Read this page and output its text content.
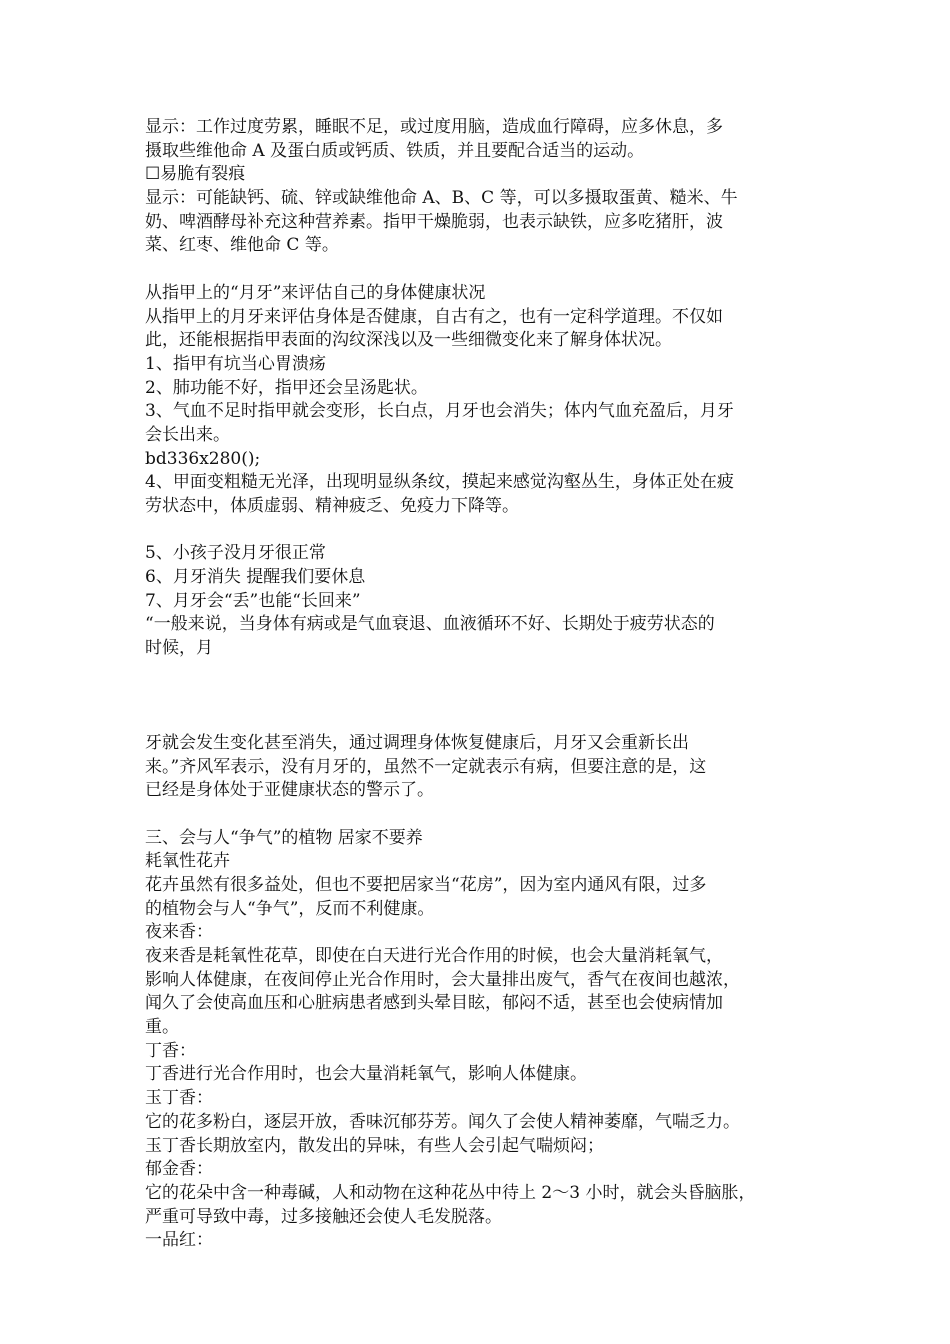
显示：工作过度劳累，睡眠不足，或过度用脑，造成血行障碍，应多休息，多
摄取些维他命 A 及蛋白质或钙质、铁质，并且要配合适当的运动。
☐易脆有裂痕
显示：可能缺钙、硫、锌或缺维他命 A、B、C 等，可以多摄取蛋黄、糙米、牛
奶、啤酒酵母补充这种营养素。指甲干燥脆弱，也表示缺铁，应多吃猪肝，波
菜、红枣、维他命 C 等。
从指甲上的“月牙”来评估自己的身体健康状况
从指甲上的月牙来评估身体是否健康，自古有之，也有一定科学道理。不仅如
此，还能根据指甲表面的沟纹深浅以及一些细微变化来了解身体状况。
1、指甲有坑当心胃溃疡
2、肺功能不好，指甲还会呈汤匙状。
3、气血不足时指甲就会变形，长白点，月牙也会消失；体内气血充盈后，月牙
会长出来。
bd336x280();
4、甲面变粗糙无光泽，出现明显纵条纹，摸起来感觉沟壑丛生，身体正处在疲
劳状态中，体质虚弱、精神疲乏、免疫力下降等。
5、小孩子没月牙很正常
6、月牙消失 提醒我们要休息
7、月牙会“丢”也能“长回来”
“一般来说，当身体有病或是气血衰退、血液循环不好、长期处于疲劳状态的
时候，月
牙就会发生变化甚至消失，通过调理身体恢复健康后，月牙又会重新长出
来。”齐风军表示，没有月牙的，虽然不一定就表示有病，但要注意的是，这
已经是身体处于亚健康状态的警示了。
三、会与人“争气”的植物 居家不要养
耗氧性花卉
花卉虽然有很多益处，但也不要把居家当“花房”，因为室内通风有限，过多
的植物会与人“争气”，反而不利健康。
夜来香：
夜来香是耗氧性花草，即使在白天进行光合作用的时候，也会大量消耗氧气，
影响人体健康，在夜间停止光合作用时，会大量排出废气，香气在夜间也越浓，
闻久了会使高血压和心脏病患者感到头晕目眩，郁闷不适，甚至也会使病情加
重。
丁香：
丁香进行光合作用时，也会大量消耗氧气，影响人体健康。
玉丁香：
它的花多粉白，逐层开放，香味沉郁芬芳。闻久了会使人精神萎靡，气喘乏力。
玉丁香长期放室内，散发出的异味，有些人会引起气喘烦闷；
郁金香：
它的花朵中含一种毒碱，人和动物在这种花丛中待上 2～3 小时，就会头昏脑胀，
严重可导致中毒，过多接触还会使人毛发脱落。
一品红：
